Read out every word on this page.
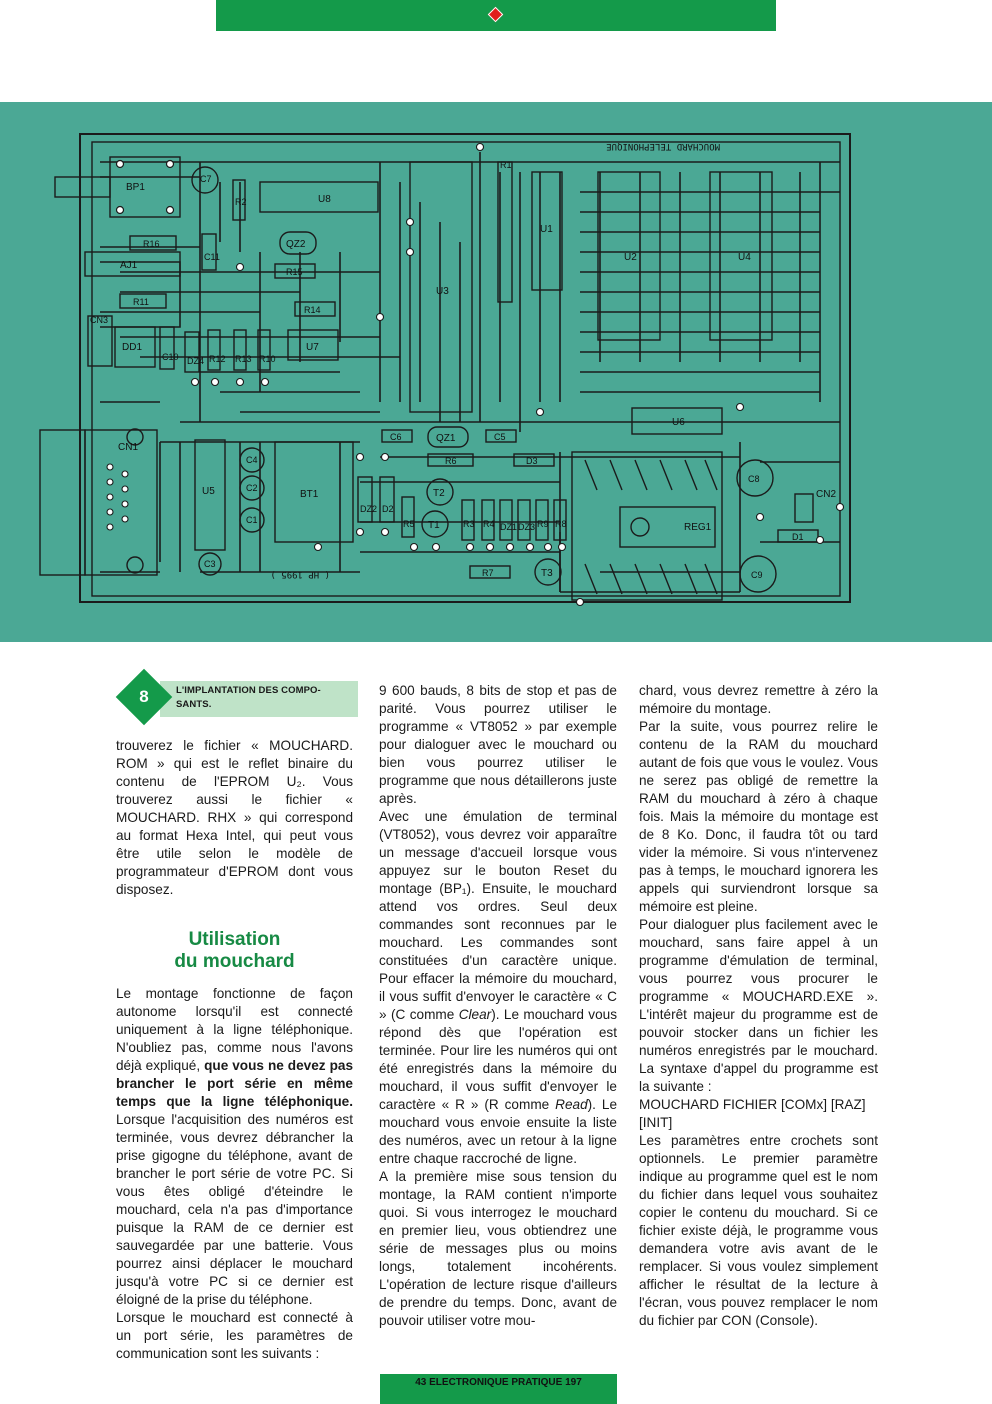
MOUCHARD TELEPHONIQUE
( HP 1995 )
BP1
C7
R2	U8
R1
U1
U2	U4
U3
R16
C11
QZ2
AJ1
R15
R11
R14
CN3
DD1
C10 DZ4 R12 R13 R10
U7
C6	QZ1	C5
U6
CN1
U5
C4
C3
C2
C1
BT1
R6	D3
DZ2 D2
T2
T1
T3
R5	R3 R4 DZ1 DZ3 R9 R8
R7
REG1
C8
C9
CN2
D1
8	L'IMPLANTATION DES COMPO-SANTS.

trouverez le fichier « MOUCHARD. ROM » qui est le reflet binaire du contenu de l'EPROM U₂. Vous trouverez aussi le fichier « MOUCHARD. RHX » qui correspond au format Hexa Intel, qui peut vous être utile selon le modèle de programmateur d'EPROM dont vous disposez.

Utilisation
du mouchard

Le montage fonctionne de façon autonome lorsqu'il est connecté uniquement à la ligne téléphonique. N'oubliez pas, comme nous l'avons déjà expliqué, que vous ne devez pas brancher le port série en même temps que la ligne téléphonique. Lorsque l'acquisition des numéros est terminée, vous devrez débrancher la prise gigogne du téléphone, avant de brancher le port série de votre PC. Si vous êtes obligé d'éteindre le mouchard, cela n'a pas d'importance puisque la RAM de ce dernier est sauvegardée par une batterie. Vous pourrez ainsi déplacer le mouchard jusqu'à votre PC si ce dernier est éloigné de la prise du téléphone.

Lorsque le mouchard est connecté à un port série, les paramètres de communication sont les suivants :

9 600 bauds, 8 bits de stop et pas de parité. Vous pourrez utiliser le programme « VT8052 » par exemple pour dialoguer avec le mouchard ou bien vous pourrez utiliser le programme que nous détaillerons juste après.

Avec une émulation de terminal (VT8052), vous devrez voir apparaître un message d'accueil lorsque vous appuyez sur le bouton Reset du montage (BP₁). Ensuite, le mouchard attend vos ordres. Seul deux commandes sont reconnues par le mouchard. Les commandes sont constituées d'un caractère unique. Pour effacer la mémoire du mouchard, il vous suffit d'envoyer le caractère « C » (C comme Clear). Le mouchard vous répond dès que l'opération est terminée. Pour lire les numéros qui ont été enregistrés dans la mémoire du mouchard, il vous suffit d'envoyer le caractère « R » (R comme Read). Le mouchard vous envoie ensuite la liste des numéros, avec un retour à la ligne entre chaque raccroché de ligne.

A la première mise sous tension du montage, la RAM contient n'importe quoi. Si vous interrogez le mouchard en premier lieu, vous obtiendrez une série de messages plus ou moins longs, totalement incohérents. L'opération de lecture risque d'ailleurs de prendre du temps. Donc, avant de pouvoir utiliser votre mou-

chard, vous devrez remettre à zéro la mémoire du montage.

Par la suite, vous pourrez relire le contenu de la RAM du mouchard autant de fois que vous le voulez. Vous ne serez pas obligé de remettre la RAM du mouchard à zéro à chaque fois. Mais la mémoire du montage est de 8 Ko. Donc, il faudra tôt ou tard vider la mémoire. Si vous n'intervenez pas à temps, le mouchard ignorera les appels qui surviendront lorsque sa mémoire est pleine.

Pour dialoguer plus facilement avec le mouchard, sans faire appel à un programme d'émulation de terminal, vous pourrez vous procurer le programme « MOUCHARD.EXE ». L'intérêt majeur du programme est de pouvoir stocker dans un fichier les numéros enregistrés par le mouchard. La syntaxe d'appel du programme est la suivante :

MOUCHARD FICHIER [COMx] [RAZ] [INIT]

Les paramètres entre crochets sont optionnels. Le premier paramètre indique au programme quel est le nom du fichier dans lequel vous souhaitez copier le contenu du mouchard. Si ce fichier existe déjà, le programme vous demandera votre avis avant de le remplacer. Si vous voulez simplement afficher le résultat de la lecture à l'écran, vous pouvez remplacer le nom du fichier par CON (Console).

43 ELECTRONIQUE PRATIQUE 197
